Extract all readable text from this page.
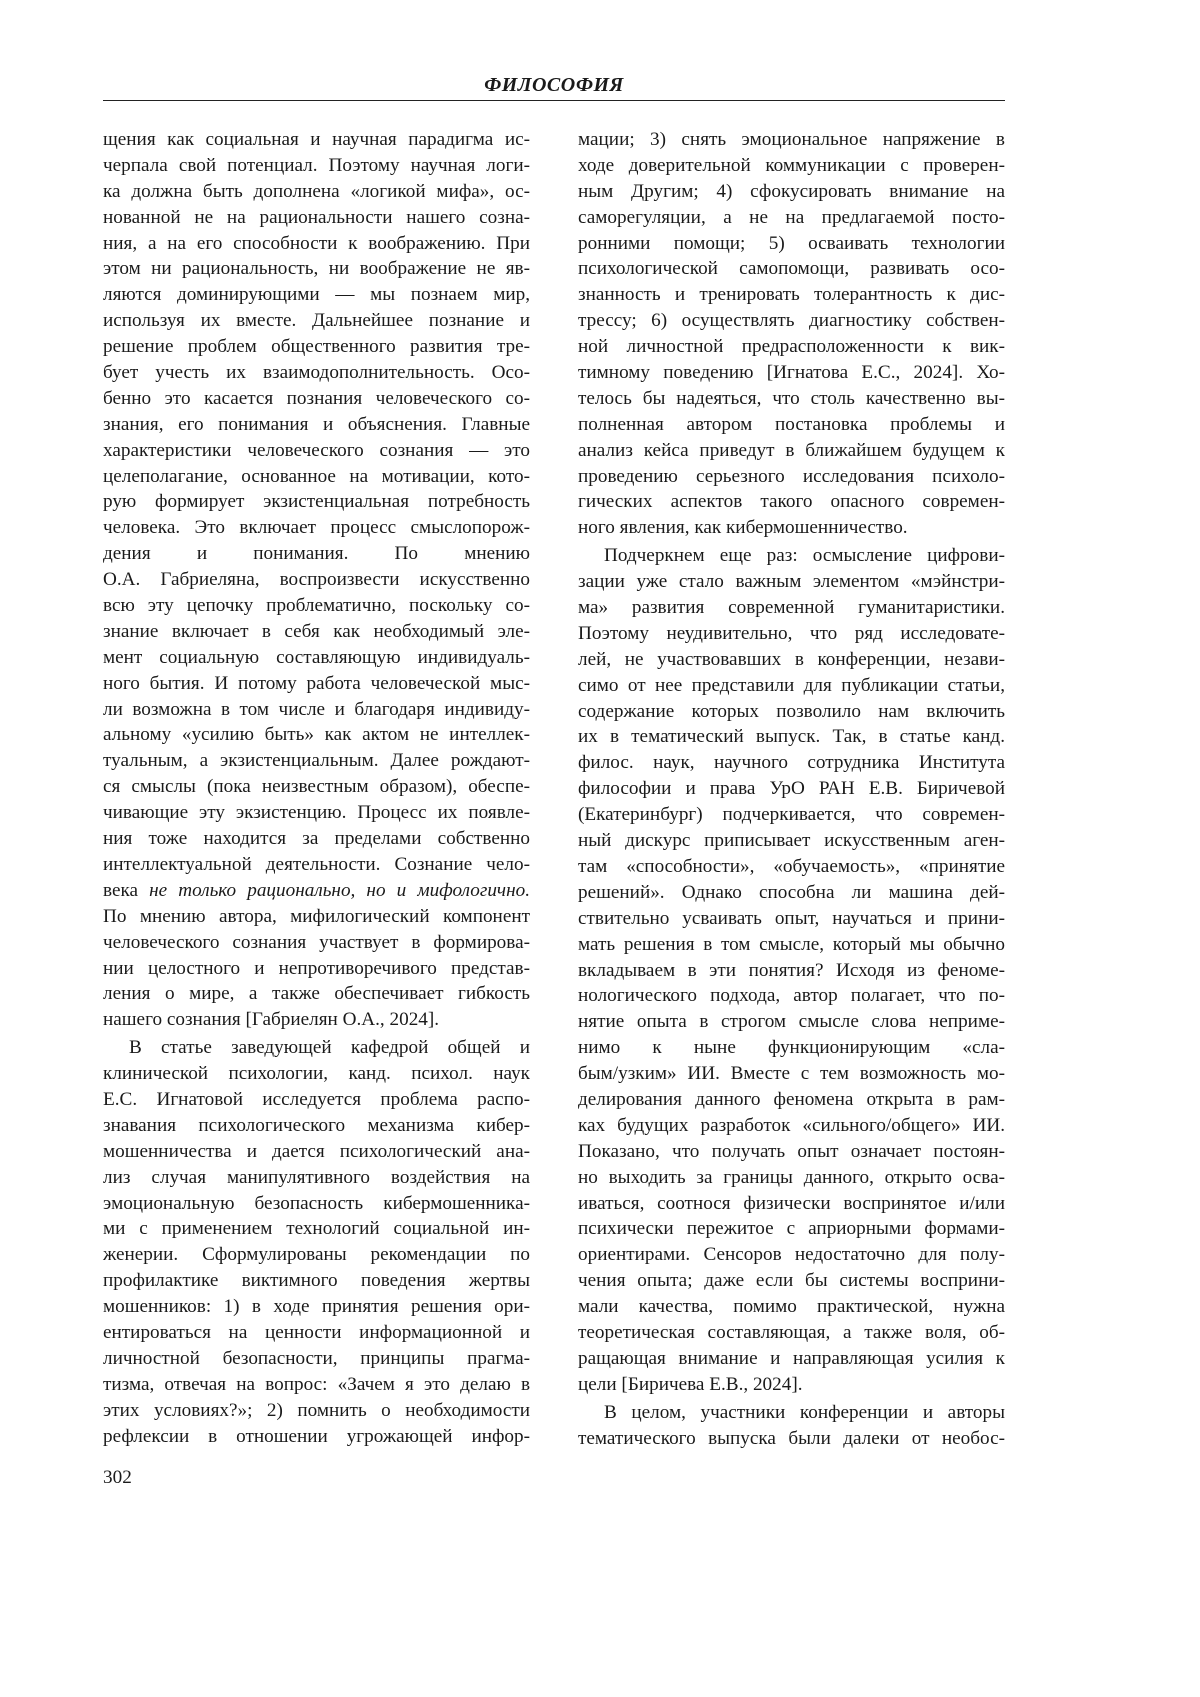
ФИЛОСОФИЯ
щения как социальная и научная парадигма ис-
черпала свой потенциал. Поэтому научная логи-
ка должна быть дополнена «логикой мифа», ос-
нованной не на рациональности нашего созна-
ния, а на его способности к воображению. При
этом ни рациональность, ни воображение не яв-
ляются доминирующими — мы познаем мир,
используя их вместе. Дальнейшее познание и
решение проблем общественного развития тре-
бует учесть их взаимодополнительность. Осо-
бенно это касается познания человеческого со-
знания, его понимания и объяснения. Главные
характеристики человеческого сознания — это
целеполагание, основанное на мотивации, кото-
рую формирует экзистенциальная потребность
человека. Это включает процесс смыслопорож-
дения и понимания. По мнению
О.А. Габриеляна, воспроизвести искусственно
всю эту цепочку проблематично, поскольку со-
знание включает в себя как необходимый эле-
мент социальную составляющую индивидуаль-
ного бытия. И потому работа человеческой мыс-
ли возможна в том числе и благодаря индивиду-
альному «усилию быть» как актом не интеллек-
туальным, а экзистенциальным. Далее рождают-
ся смыслы (пока неизвестным образом), обеспе-
чивающие эту экзистенцию. Процесс их появле-
ния тоже находится за пределами собственно
интеллектуальной деятельности. Сознание чело-
века не только рационально, но и мифологично.
По мнению автора, мифилогический компонент
человеческого сознания участвует в формирова-
нии целостного и непротиворечивого представ-
ления о мире, а также обеспечивает гибкость
нашего сознания [Габриелян О.А., 2024].
В статье заведующей кафедрой общей и
клинической психологии, канд. психол. наук
Е.С. Игнатовой исследуется проблема распо-
знавания психологического механизма кибер-
мошенничества и дается психологический ана-
лиз случая манипулятивного воздействия на
эмоциональную безопасность кибермошенника-
ми с применением технологий социальной ин-
женерии. Сформулированы рекомендации по
профилактике виктимного поведения жертвы
мошенников: 1) в ходе принятия решения ори-
ентироваться на ценности информационной и
личностной безопасности, принципы прагма-
тизма, отвечая на вопрос: «Зачем я это делаю в
этих условиях?»; 2) помнить о необходимости
рефлексии в отношении угрожающей инфор-
мации; 3) снять эмоциональное напряжение в
ходе доверительной коммуникации с проверен-
ным Другим; 4) сфокусировать внимание на
саморегуляции, а не на предлагаемой посто-
ронними помощи; 5) осваивать технологии
психологической самопомощи, развивать осо-
знанность и тренировать толерантность к дис-
трессу; 6) осуществлять диагностику собствен-
ной личностной предрасположенности к вик-
тимному поведению [Игнатова Е.С., 2024]. Хо-
телось бы надеяться, что столь качественно вы-
полненная автором постановка проблемы и
анализ кейса приведут в ближайшем будущем к
проведению серьезного исследования психоло-
гических аспектов такого опасного современ-
ного явления, как кибермошенничество.
Подчеркнем еще раз: осмысление цифрови-
зации уже стало важным элементом «мэйнстри-
ма» развития современной гуманитаристики.
Поэтому неудивительно, что ряд исследовате-
лей, не участвовавших в конференции, незави-
симо от нее представили для публикации статьи,
содержание которых позволило нам включить
их в тематический выпуск. Так, в статье канд.
филос. наук, научного сотрудника Института
философии и права УрО РАН Е.В. Биричевой
(Екатеринбург) подчеркивается, что современ-
ный дискурс приписывает искусственным аген-
там «способности», «обучаемость», «принятие
решений». Однако способна ли машина дей-
ствительно усваивать опыт, научаться и прини-
мать решения в том смысле, который мы обычно
вкладываем в эти понятия? Исходя из феноме-
нологического подхода, автор полагает, что по-
нятие опыта в строгом смысле слова неприме-
нимо к ныне функционирующим «сла-
бым/узким» ИИ. Вместе с тем возможность мо-
делирования данного феномена открыта в рам-
ках будущих разработок «сильного/общего» ИИ.
Показано, что получать опыт означает постоян-
но выходить за границы данного, открыто осва-
иваться, соотнося физически воспринятое и/или
психически пережитое с априорными формами-
ориентирами. Сенсоров недостаточно для полу-
чения опыта; даже если бы системы восприни-
мали качества, помимо практической, нужна
теоретическая составляющая, а также воля, об-
ращающая внимание и направляющая усилия к
цели [Биричева Е.В., 2024].
В целом, участники конференции и авторы
тематического выпуска были далеки от необос-
302
